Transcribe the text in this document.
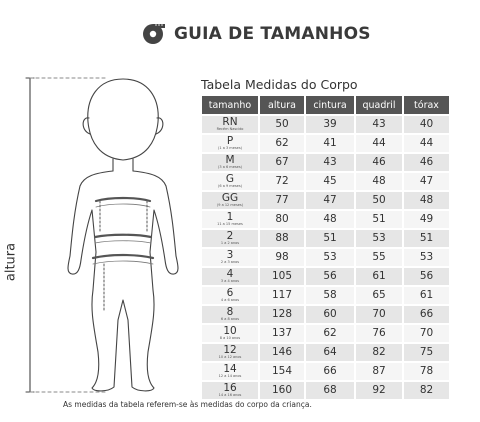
GUIA DE TAMANHOS
altura
Tabela Medidas do Corpo
tamanho	altura	cintura	quadril	tórax

RN
Recém Nascido	50	39	43	40

P
(1 a 3 meses)	62	41	44	44

M
(3 a 6 meses)	67	43	46	46

G
(6 a 9 meses)	72	45	48	47

GG
(9 a 12 meses)	77	47	50	48

1
11 a 15 meses	80	48	51	49

2
1 a 2 anos	88	51	53	51

3
2 a 3 anos	98	53	55	53

4
3 a 4 anos	105	56	61	56

6
4 a 6 anos	117	58	65	61

8
6 a 8 anos	128	60	70	66

10
8 a 10 anos	137	62	76	70

12
10 a 12 anos	146	64	82	75

14
12 a 14 anos	154	66	87	78

16
14 a 16 anos	160	68	92	82
As medidas da tabela referem-se às medidas do corpo da criança.
